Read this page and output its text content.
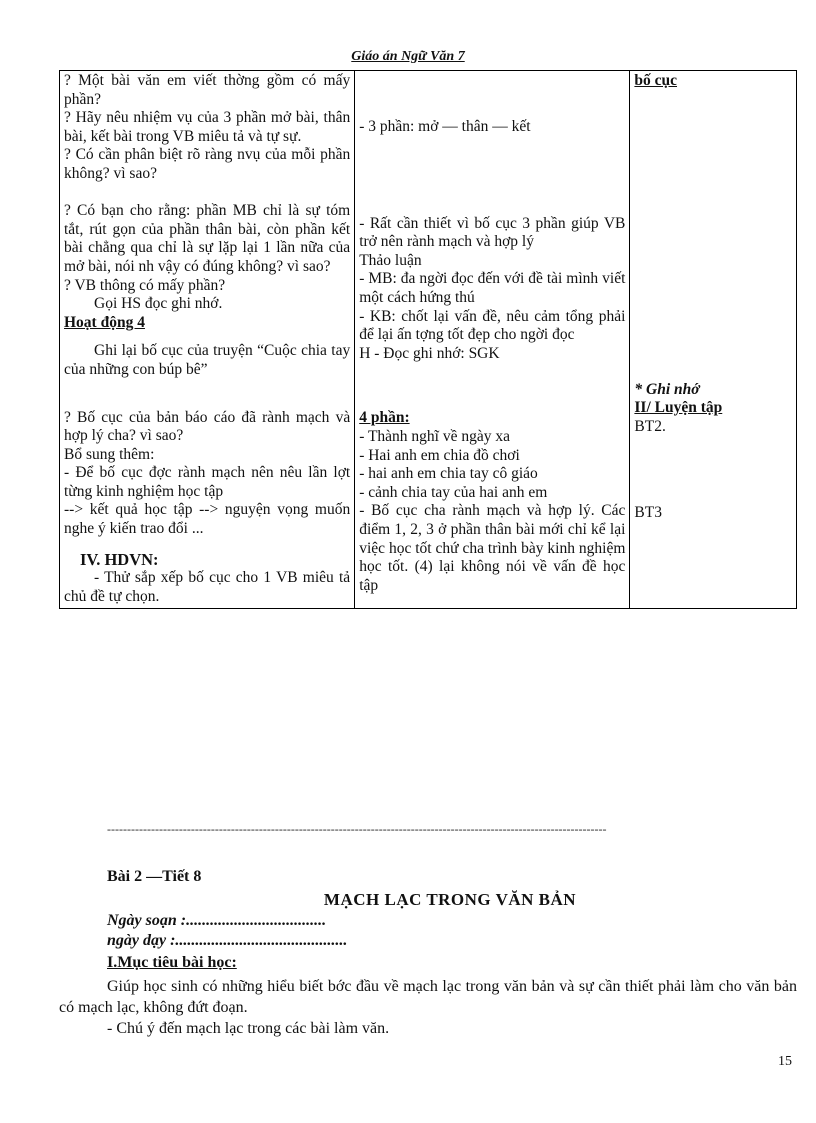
Giáo án Ngữ Văn 7
? Một bài văn em viết thờng gồm có mấy phần?
? Hãy nêu nhiệm vụ của 3 phần mở bài, thân bài, kết bài trong VB miêu tả và tự sự.
? Có cần phân biệt rõ ràng nvụ của mỗi phần không? vì sao?
? Có bạn cho rằng: phần MB chỉ là sự tóm tắt, rút gọn của phần thân bài, còn phần kết bài chẳng qua chỉ là sự lặp lại 1 lần nữa của mở bài, nói nh vậy có đúng không? vì sao?
? VB thông có mấy phần?
Gọi HS đọc ghi nhớ.
Hoạt động 4
Ghi lại bố cục của truyện “Cuộc chia tay của những con búp bê”
? Bố cục của bản báo cáo đã rành mạch và hợp lý cha? vì sao?
Bổ sung thêm:
- Để bố cục đợc rành mạch nên nêu lần lợt từng kinh nghiệm học tập
--> kết quả học tập --> nguyện vọng muốn nghe ý kiến trao đổi ...
IV. HDVN:
- Thử sắp xếp bố cục cho 1 VB miêu tả chủ đề tự chọn.

- 3 phần: mở — thân — kết
- Rất cần thiết vì bố cục 3 phần giúp VB trở nên rành mạch và hợp lý
Thảo luận
- MB: đa ngời đọc đến với đề tài mình viết một cách hứng thú
- KB: chốt lại vấn đề, nêu cảm tổng phải để lại ấn tợng tốt đẹp cho ngời đọc
H - Đọc ghi nhớ: SGK
4 phần:
- Thành nghĩ về ngày xa
- Hai anh em chia đồ chơi
- hai anh em chia tay cô giáo
- cảnh chia tay của hai anh em
- Bố cục cha rành mạch và hợp lý. Các điểm 1, 2, 3 ở phần thân bài mới chỉ kể lại việc học tốt chứ cha trình bày kinh nghiệm học tốt. (4) lại không nói về vấn đề học tập

bố cục
* Ghi nhớ
II/ Luyện tập
BT2.
BT3
-----------------------------------------------------------------------------------------------------------------------------
Bài 2 —Tiết 8
MẠCH LẠC TRONG VĂN BẢN
Ngày soạn :...................................
ngày dạy :...........................................
I.Mục tiêu bài học:
Giúp học sinh có những hiểu biết bớc đầu về mạch lạc trong văn bản và sự cần thiết phải làm cho văn bản có mạch lạc, không đứt đoạn.
- Chú ý đến mạch lạc trong các bài làm văn.
15
